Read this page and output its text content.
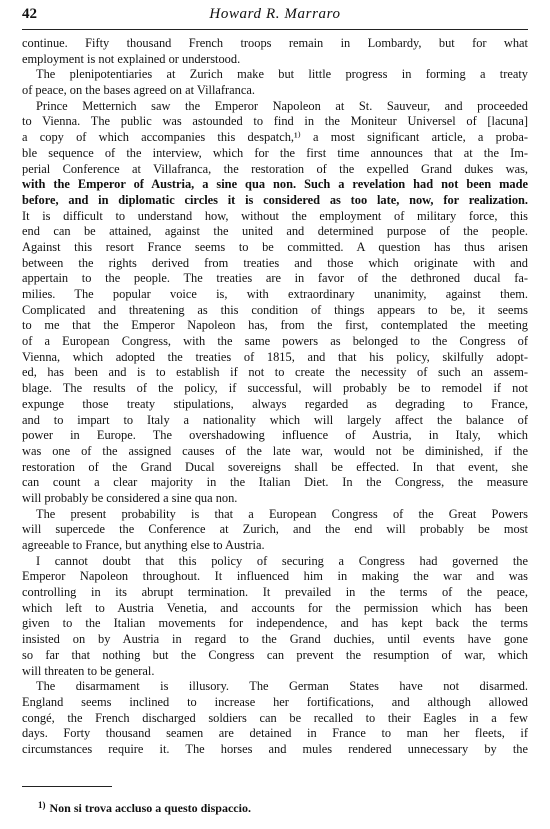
42	Howard R. Marraro
continue. Fifty thousand French troops remain in Lombardy, but for what
employment is not explained or understood.
The plenipotentiaries at Zurich make but little progress in forming a treaty
of peace, on the bases agreed on at Villafranca.
Prince Metternich saw the Emperor Napoleon at St. Sauveur, and proceeded
to Vienna. The public was astounded to find in the Moniteur Universel of [lacuna]
a copy of which accompanies this despatch,¹⁾ a most significant article, a proba-
ble sequence of the interview, which for the first time announces that at the Im-
perial Conference at Villafranca, the restoration of the expelled Grand dukes was,
with the Emperor of Austria, a sine qua non. Such a revelation had not been made
before, and in diplomatic circles it is considered as too late, now, for realization.
It is difficult to understand how, without the employment of military force, this
end can be attained, against the united and determined purpose of the people.
Against this resort France seems to be committed. A question has thus arisen
between the rights derived from treaties and those which originate with and
appertain to the people. The treaties are in favor of the dethroned ducal fa-
milies. The popular voice is, with extraordinary unanimity, against them.
Complicated and threatening as this condition of things appears to be, it seems
to me that the Emperor Napoleon has, from the first, contemplated the meeting
of a European Congress, with the same powers as belonged to the Congress of
Vienna, which adopted the treaties of 1815, and that his policy, skilfully adopt-
ed, has been and is to establish if not to create the necessity of such an assem-
blage. The results of the policy, if successful, will probably be to remodel if not
expunge those treaty stipulations, always regarded as degrading to France,
and to impart to Italy a nationality which will largely affect the balance of
power in Europe. The overshadowing influence of Austria, in Italy, which
was one of the assigned causes of the late war, would not be diminished, if the
restoration of the Grand Ducal sovereigns shall be effected. In that event, she
can count a clear majority in the Italian Diet. In the Congress, the measure
will probably be considered a sine qua non.
The present probability is that a European Congress of the Great Powers
will supercede the Conference at Zurich, and the end will probably be most
agreeable to France, but anything else to Austria.
I cannot doubt that this policy of securing a Congress had governed the
Emperor Napoleon throughout. It influenced him in making the war and was
controlling in its abrupt termination. It prevailed in the terms of the peace,
which left to Austria Venetia, and accounts for the permission which has been
given to the Italian movements for independence, and has kept back the terms
insisted on by Austria in regard to the Grand duchies, until events have gone
so far that nothing but the Congress can prevent the resumption of war, which
will threaten to be general.
The disarmament is illusory. The German States have not disarmed.
England seems inclined to increase her fortifications, and although allowed
congé, the French discharged soldiers can be recalled to their Eagles in a few
days. Forty thousand seamen are detained in France to man her fleets, if
circumstances require it. The horses and mules rendered unnecessary by the
$^{1)}$ Non si trova accluso a questo dispaccio.
